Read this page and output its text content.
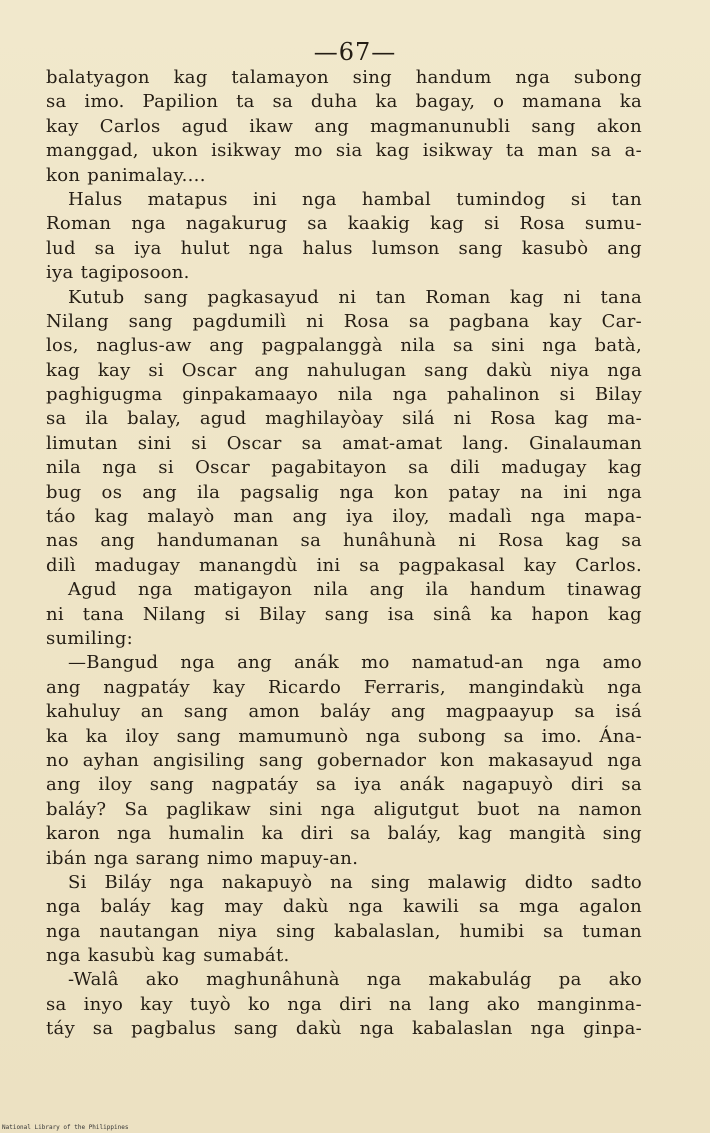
—67—
balatyagon kag talamayon sing handum nga subong
sa imo. Papilion ta sa duha ka bagay, o mamana ka
kay Carlos agud ikaw ang magmanunubli sang akon
manggad, ukon isikway mo sia kag isikway ta man sa a-
kon panimalay....
Halus matapus ini nga hambal tumindog si tan
Roman nga nagakurug sa kaakig kag si Rosa sumu-
lud sa iya hulut nga halus lumson sang kasubò ang
iya tagiposoon.
Kutub sang pagkasayud ni tan Roman kag ni tana
Nilang sang pagdumilì ni Rosa sa pagbana kay Car-
los, naglus-aw ang pagpalanggà nila sa sini nga batà,
kag kay si Oscar ang nahulugan sang dakù niya nga
paghigugma ginpakamaayo nila nga pahalinon si Bilay
sa ila balay, agud maghilayòay silá ni Rosa kag ma-
limutan sini si Oscar sa amat-amat lang. Ginalauman
nila nga si Oscar pagabitayon sa dili madugay kag
bug os ang ila pagsalig nga kon patay na ini nga
táo kag malayò man ang iya iloy, madalì nga mapa-
nas ang handumanan sa hunâhunà ni Rosa kag sa
dilì madugay manangdù ini sa pagpakasal kay Carlos.
Agud nga matigayon nila ang ila handum tinawag
ni tana Nilang si Bilay sang isa sinâ ka hapon kag
sumiling:
—Bangud nga ang anák mo namatud-an nga amo
ang nagpatáy kay Ricardo Ferraris, mangindakù nga
kahuluy an sang amon baláy ang magpaayup sa isá
ka ka iloy sang mamumunò nga subong sa imo. Ána-
no ayhan angisiling sang gobernador kon makasayud nga
ang iloy sang nagpatáy sa iya anák nagapuyò diri sa
baláy? Sa paglikaw sini nga aligutgut buot na namon
karon nga humalin ka diri sa baláy, kag mangità sing
ibán nga sarang nimo mapuy-an.
Si Biláy nga nakapuyò na sing malawig didto sadto
nga baláy kag may dakù nga kawili sa mga agalon
nga nautangan niya sing kabalaslan, humibi sa tuman
nga kasubù kag sumabát.
-Walâ ako maghunâhunà nga makabulág pa ako
sa inyo kay tuyò ko nga diri na lang ako manginma-
táy sa pagbalus sang dakù nga kabalaslan nga ginpa-
National Library of the Philippines
